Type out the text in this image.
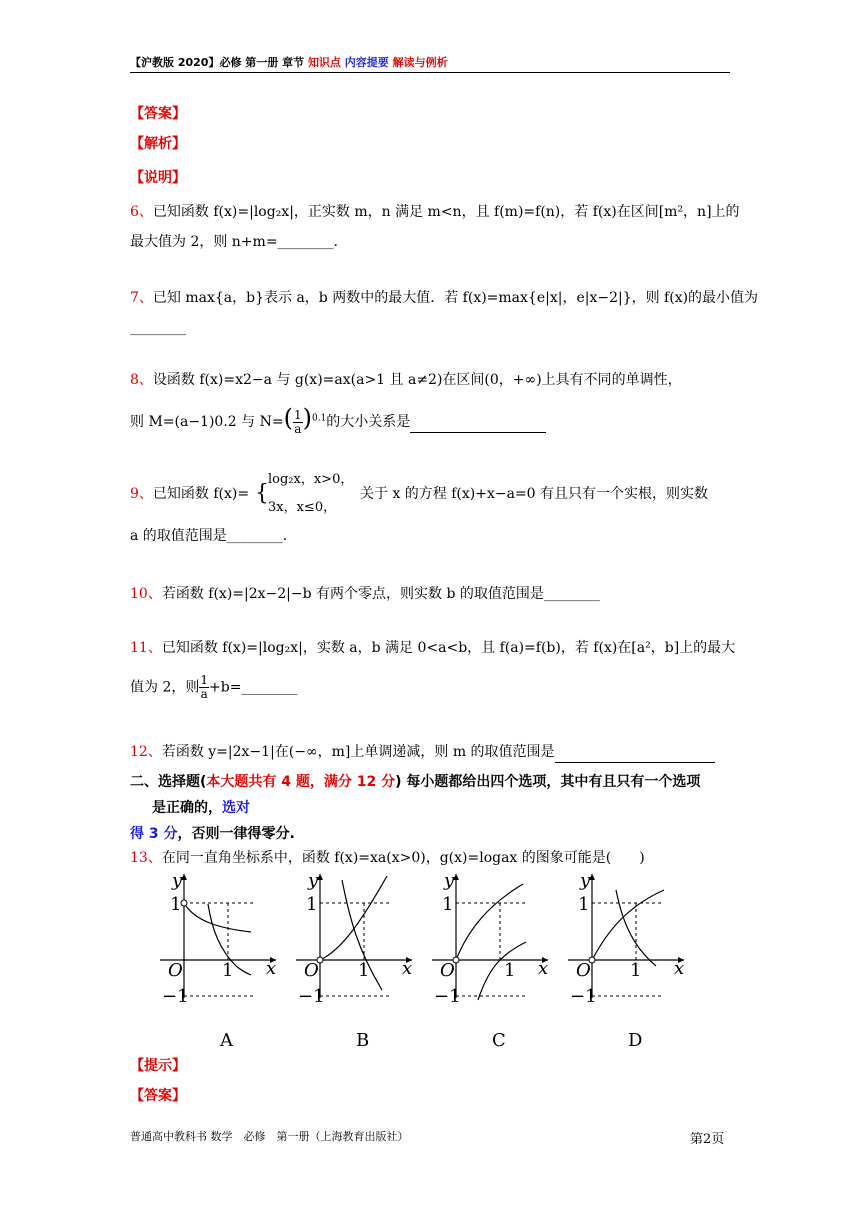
【沪教版 2020】必修 第一册 章节 知识点 内容提要 解读与例析
【答案】
【解析】
【说明】
6、已知函数 f(x)=|log₂x|，正实数 m，n 满足 m<n，且 f(m)=f(n)，若 f(x)在区间[m²，n]上的
最大值为 2，则 n+m=________.
7、已知 max{a，b}表示 a，b 两数中的最大值．若 f(x)=max{e|x|，e|x−2|}，则 f(x)的最小值为
________
8、设函数 f(x)=x2−a 与 g(x)=ax(a>1 且 a≠2)在区间(0，+∞)上具有不同的单调性，
则 M=(a−1)0.2 与 $N=( \frac{1}{a} )^{0.1}$的大小关系是
9、已知函数 f(x)= {
log₂x，x>0，
3x，x≤0，
关于 x 的方程 f(x)+x−a=0 有且只有一个实根，则实数
a 的取值范围是________.
10、若函数 f(x)=|2x−2|−b 有两个零点，则实数 b 的取值范围是________
11、已知函数 f(x)=|log₂x|，实数 a，b 满足 0<a<b，且 f(a)=f(b)，若 f(x)在[a²，b]上的最大
值为 2，则 $\frac{1}{a}$ +b=________
12、若函数 y=|2x−1|在(−∞，m]上单调递减，则 m 的取值范围是
二、选择题(本大题共有 4 题，满分 12 分) 每小题都给出四个选项，其中有且只有一个选项
是正确的，选对
得 3 分，否则一律得零分.
13、在同一直角坐标系中，函数 f(x)=xa(x>0)，g(x)=logax 的图象可能是(　　)
y
x
O
1
1
−1
A
y
x
O
1
1
−1
B
y
x
O
1
1
−1
C
y
x
O
1
1
−1
D
【提示】
【答案】
普通高中教科书 数学　必修　第一册（上海教育出版社）	第2页
